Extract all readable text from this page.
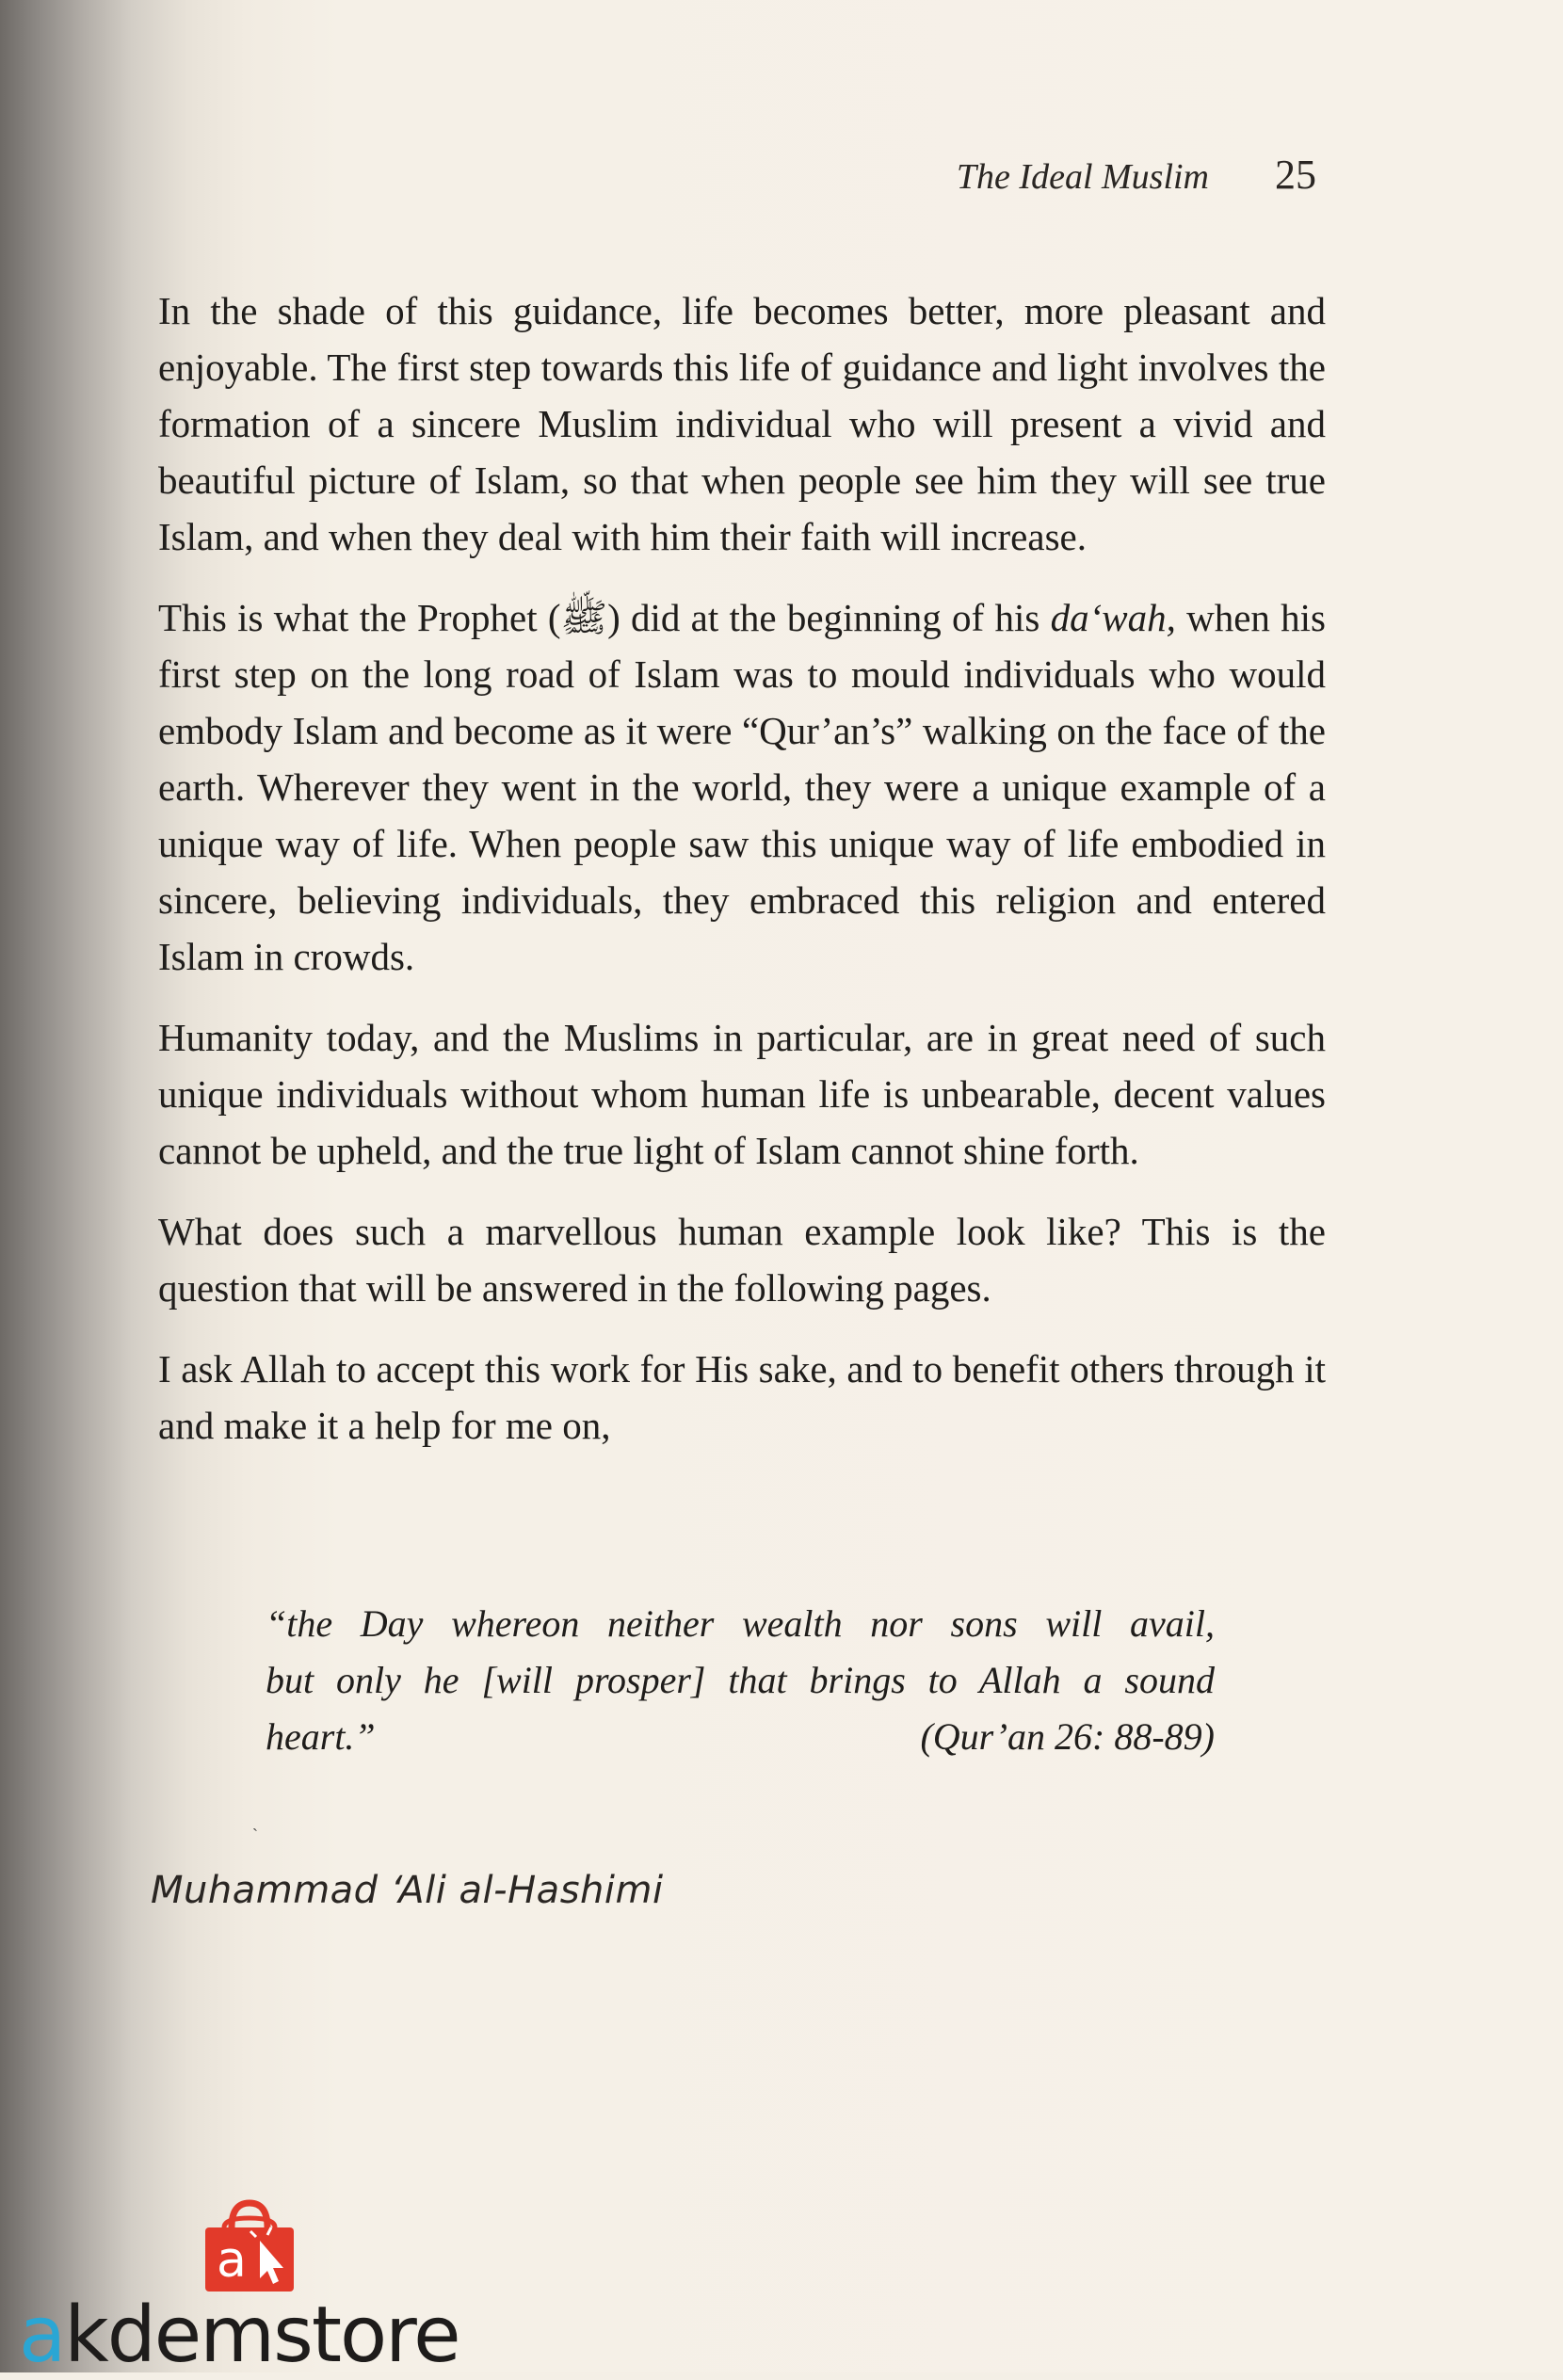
The Ideal Muslim 25

In the shade of this guidance, life becomes better, more pleasant and enjoyable. The first step towards this life of guidance and light involves the formation of a sincere Muslim individual who will present a vivid and beautiful picture of Islam, so that when people see him they will see true Islam, and when they deal with him their faith will increase.

This is what the Prophet (ﷺ) did at the beginning of his da‘wah, when his first step on the long road of Islam was to mould individuals who would embody Islam and become as it were “Qur’an’s” walking on the face of the earth. Wherever they went in the world, they were a unique example of a unique way of life. When people saw this unique way of life embodied in sincere, believing individuals, they embraced this religion and entered Islam in crowds.

Humanity today, and the Muslims in particular, are in great need of such unique individuals without whom human life is unbearable, decent values cannot be upheld, and the true light of Islam cannot shine forth.

What does such a marvellous human example look like? This is the question that will be answered in the following pages.

I ask Allah to accept this work for His sake, and to benefit others through it and make it a help for me on,

“the Day whereon neither wealth nor sons will avail,
but only he [will prosper] that brings to Allah a sound
heart.”	(Qur’an 26: 88-89)
ˎ
Muhammad ‘Ali al-Hashimi
a
akdemstore
